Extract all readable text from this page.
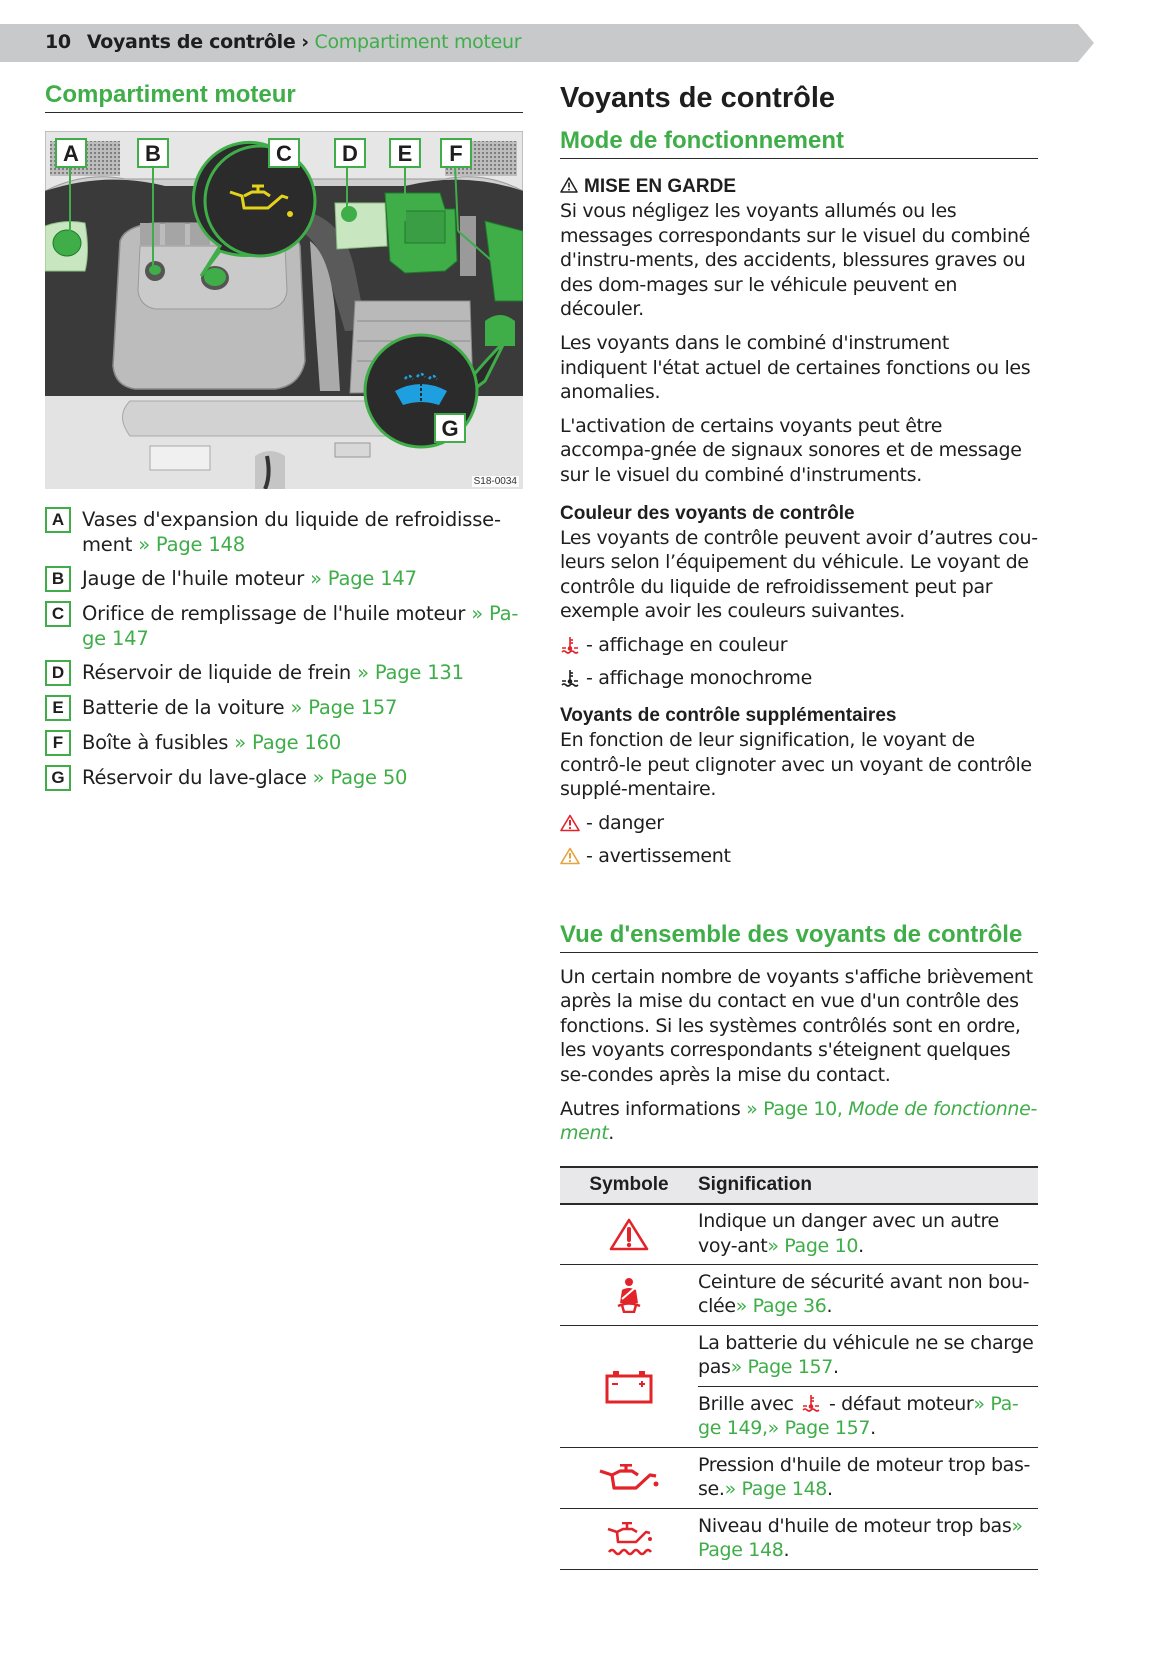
10 Voyants de contrôle › Compartiment moteur
Compartiment moteur
A	B	C D E F
G
S18-0034
A Vases d'expansion du liquide de refroidisse-ment » Page 148
B Jauge de l'huile moteur » Page 147
C Orifice de remplissage de l'huile moteur » Pa-ge 147
D Réservoir de liquide de frein » Page 131
E Batterie de la voiture » Page 157
F Boîte à fusibles » Page 160
G Réservoir du lave-glace » Page 50
Voyants de contrôle
Mode de fonctionnement
MISE EN GARDE
Si vous négligez les voyants allumés ou les messages correspondants sur le visuel du combiné d'instru-ments, des accidents, blessures graves ou des dom-mages sur le véhicule peuvent en découler.
Les voyants dans le combiné d'instrument indiquent l'état actuel de certaines fonctions ou les anomalies.
L'activation de certains voyants peut être accompa-gnée de signaux sonores et de message sur le visuel du combiné d'instruments.
Couleur des voyants de contrôle
Les voyants de contrôle peuvent avoir d’autres cou-leurs selon l’équipement du véhicule. Le voyant de contrôle du liquide de refroidissement peut par exemple avoir les couleurs suivantes.
- affichage en couleur
- affichage monochrome
Voyants de contrôle supplémentaires
En fonction de leur signification, le voyant de contrô-le peut clignoter avec un voyant de contrôle supplé-mentaire.
- danger
- avertissement
Vue d'ensemble des voyants de contrôle
Un certain nombre de voyants s'affiche brièvement après la mise du contact en vue d'un contrôle des fonctions. Si les systèmes contrôlés sont en ordre, les voyants correspondants s'éteignent quelques se-condes après la mise du contact.
Autres informations » Page 10, Mode de fonctionne-ment.
Symbole	Signification
	Indique un danger avec un autre voy-ant» Page 10.
	Ceinture de sécurité avant non bou-clée» Page 36.
	La batterie du véhicule ne se charge pas» Page 157.
	Brille avec  - défaut moteur» Pa-ge 149,» Page 157.
	Pression d'huile de moteur trop bas-se.» Page 148.
	Niveau d'huile de moteur trop bas» Page 148.
